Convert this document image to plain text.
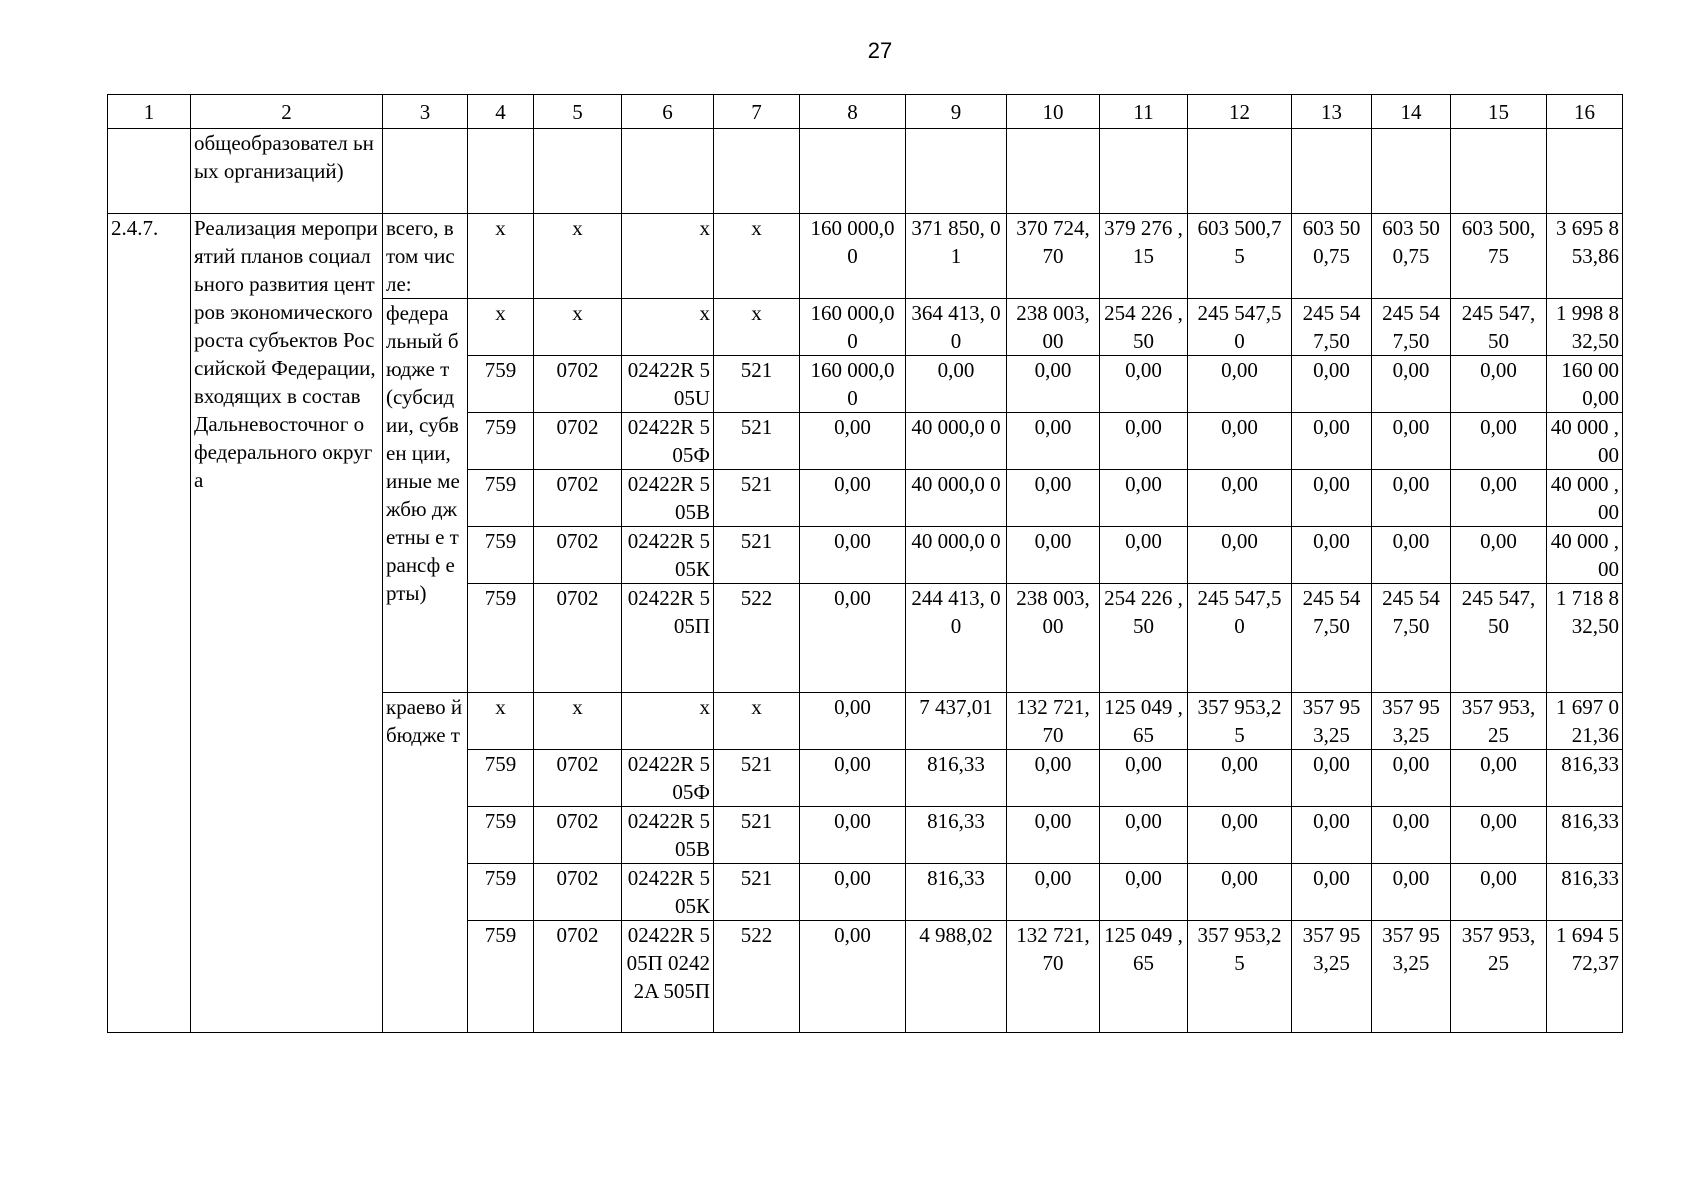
27
1	2	3	4	5	6	7	8	9	10	11	12	13	14	15	16
	общеобразовател ьных организаций)														
2.4.7.	Реализация мероприятий планов социального развития центров экономического роста субъектов Российской Федерации, входящих в состав Дальневосточног о федерального округа	всего, в том числе:	x	x	x	x	160 000,0 0	371 850, 01	370 724, 70	379 276 ,15	603 500,7 5	603 50 0,75	603 50 0,75	603 500, 75	3 695 853,86
		федера льный бюдже т (субсид ии, субвен ции, иные межбю джетны е трансф ерты)	x	x	x	x	160 000,0 0	364 413, 00	238 003, 00	254 226 ,50	245 547,5 0	245 54 7,50	245 54 7,50	245 547, 50	1 998 832,50
			759	0702	02422R 505U	521	160 000,0 0	0,00	0,00	0,00	0,00	0,00	0,00	0,00	160 00 0,00
			759	0702	02422R 505Ф	521	0,00	40 000,0 0	0,00	0,00	0,00	0,00	0,00	0,00	40 000 ,00
			759	0702	02422R 505В	521	0,00	40 000,0 0	0,00	0,00	0,00	0,00	0,00	0,00	40 000 ,00
			759	0702	02422R 505К	521	0,00	40 000,0 0	0,00	0,00	0,00	0,00	0,00	0,00	40 000 ,00
			759	0702	02422R 505П	522	0,00	244 413, 00	238 003, 00	254 226 ,50	245 547,5 0	245 54 7,50	245 54 7,50	245 547, 50	1 718 832,50
		краево й бюдже т	x	x	x	x	0,00	7 437,01	132 721, 70	125 049 ,65	357 953,2 5	357 95 3,25	357 95 3,25	357 953, 25	1 697 021,36
			759	0702	02422R 505Ф	521	0,00	816,33	0,00	0,00	0,00	0,00	0,00	0,00	816,33
			759	0702	02422R 505В	521	0,00	816,33	0,00	0,00	0,00	0,00	0,00	0,00	816,33
			759	0702	02422R 505К	521	0,00	816,33	0,00	0,00	0,00	0,00	0,00	0,00	816,33
			759	0702	02422R 505П 02422A 505П	522	0,00	4 988,02	132 721, 70	125 049 ,65	357 953,2 5	357 95 3,25	357 95 3,25	357 953, 25	1 694 572,37
